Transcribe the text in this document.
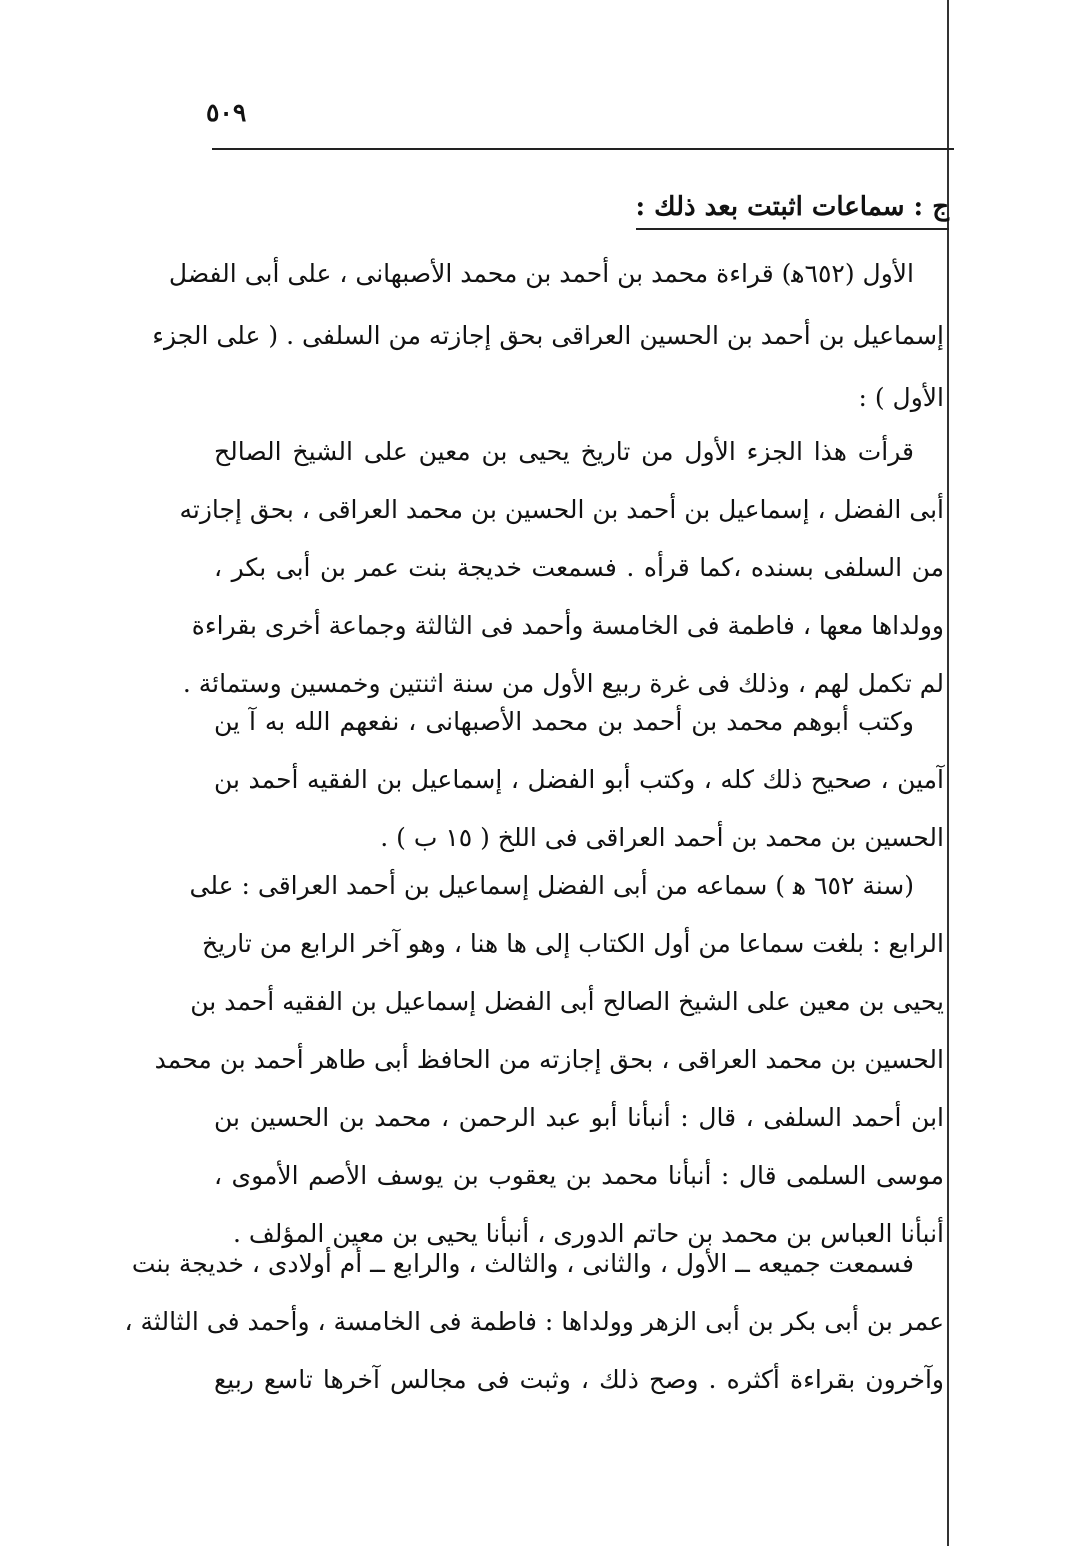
٥٠٩
ج : سماعات اثبتت بعد ذلك :
الأول (٦٥٢ﻫ) قراءة محمد بن أحمد بن محمد الأصبهانى ، على أبى الفضل
إسماعيل بن أحمد بن الحسين العراقى بحق إجازته من السلفى . ( على الجزء
الأول ) :
قرأت هذا الجزء الأول من تاريخ يحيى بن معين على الشيخ الصالح
أبى الفضل ، إسماعيل بن أحمد بن الحسين بن محمد العراقى ، بحق إجازته
من السلفى بسنده ،كما قرأه . فسمعت خديجة بنت عمر بن أبى بكر ،
وولداها معها ، فاطمة فى الخامسة وأحمد فى الثالثة وجماعة أخرى بقراءة
لم تكمل لهم ، وذلك فى غرة ربيع الأول من سنة اثنتين وخمسين وستمائة .
وكتب أبوهم محمد بن أحمد بن محمد الأصبهانى ، نفعهم الله به آ ين
آمين ، صحيح ذلك كله ، وكتب أبو الفضل ، إسماعيل بن الفقيه أحمد بن
الحسين بن محمد بن أحمد العراقى فى اللخ ( ١٥ ب ) .
(سنة ٦٥٢ ﻫ ) سماعه من أبى الفضل إسماعيل بن أحمد العراقى : على
الرابع : بلغت سماعا من أول الكتاب إلى ها هنا ، وهو آخر الرابع من تاريخ
يحيى بن معين على الشيخ الصالح أبى الفضل إسماعيل بن الفقيه أحمد بن
الحسين بن محمد العراقى ، بحق إجازته من الحافظ أبى طاهر أحمد بن محمد
ابن أحمد السلفى ، قال : أنبأنا أبو عبد الرحمن ، محمد بن الحسين بن
موسى السلمى قال : أنبأنا محمد بن يعقوب بن يوسف الأصم الأموى ،
أنبأنا العباس بن محمد بن حاتم الدورى ، أنبأنا يحيى بن معين المؤلف .
فسمعت جميعه ــ الأول ، والثانى ، والثالث ، والرابع ــ أم أولادى ، خديجة بنت
عمر بن أبى بكر بن أبى الزهر وولداها : فاطمة فى الخامسة ، وأحمد فى الثالثة ،
وآخرون بقراءة أكثره . وصح ذلك ، وثبت فى مجالس آخرها تاسع ربيع
